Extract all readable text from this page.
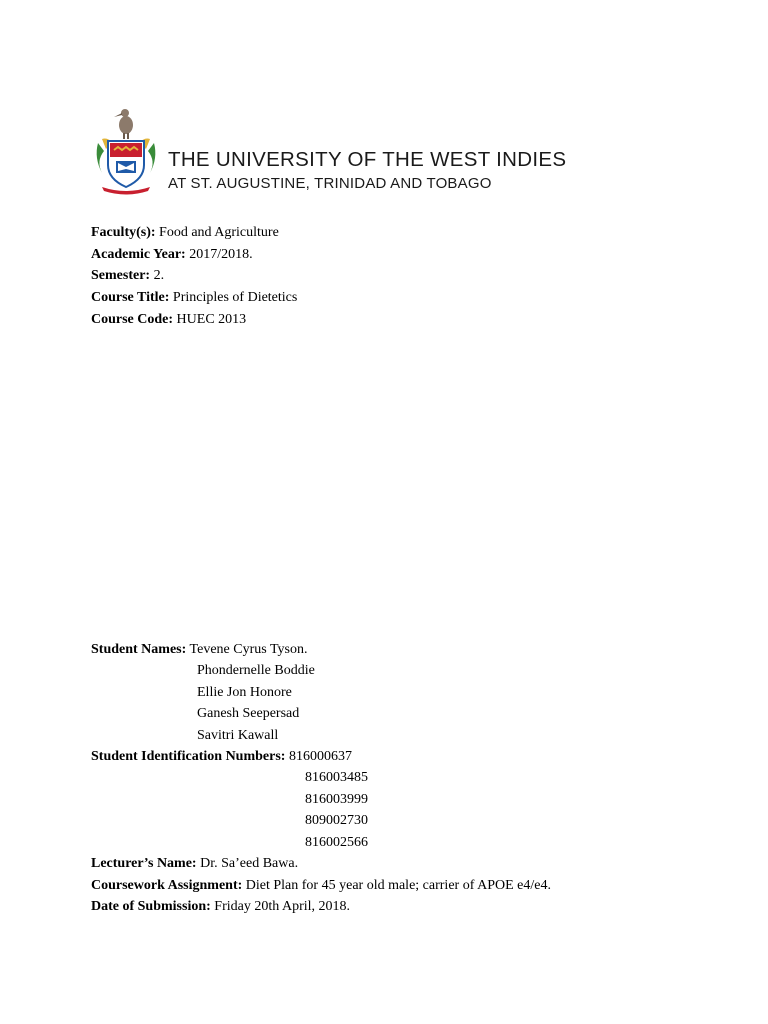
THE UNIVERSITY OF THE WEST INDIES
AT ST. AUGUSTINE, TRINIDAD AND TOBAGO
Faculty(s): Food and Agriculture
Academic Year: 2017/2018.
Semester: 2.
Course Title: Principles of Dietetics
Course Code: HUEC 2013
Student Names: Tevene Cyrus Tyson.
Phondernelle Boddie
Ellie Jon Honore
Ganesh Seepersad
Savitri Kawall
Student Identification Numbers: 816000637
816003485
816003999
809002730
816002566
Lecturer’s Name: Dr. Sa’eed Bawa.
Coursework Assignment: Diet Plan for 45 year old male; carrier of APOE e4/e4.
Date of Submission: Friday 20th April, 2018.
